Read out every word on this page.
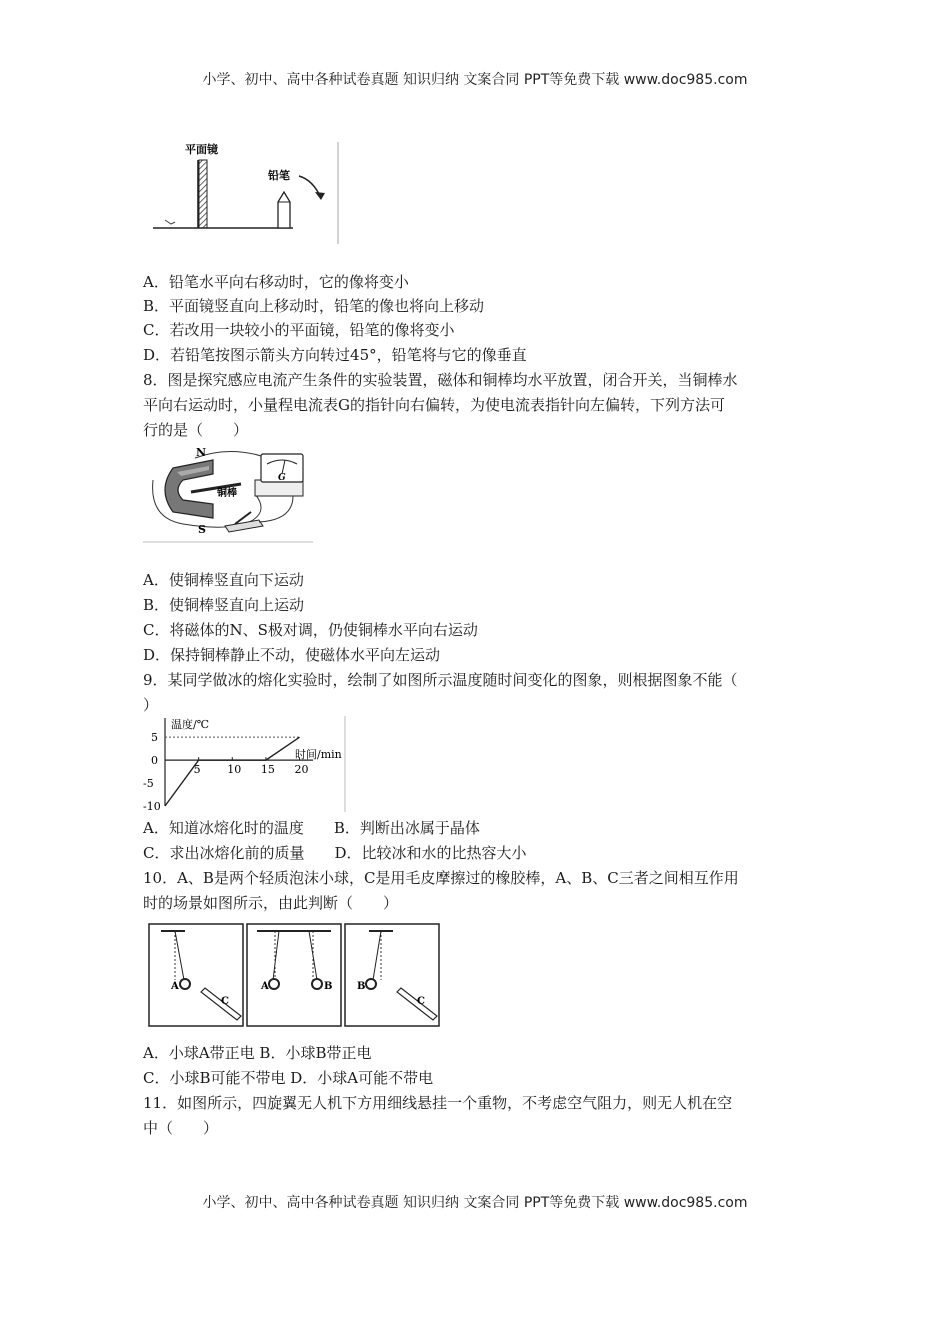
小学、初中、高中各种试卷真题 知识归纳 文案合同 PPT等免费下载 www.doc985.com
平面镜
铅笔
A．铅笔水平向右移动时，它的像将变小
B．平面镜竖直向上移动时，铅笔的像也将向上移动
C．若改用一块较小的平面镜，铅笔的像将变小
D．若铅笔按图示箭头方向转过45°，铅笔将与它的像垂直
8．图是探究感应电流产生条件的实验装置，磁体和铜棒均水平放置，闭合开关，当铜棒水
平向右运动时，小量程电流表G的指针向右偏转，为使电流表指针向左偏转，下列方法可
行的是（　　）
N
S
铜棒
G
A．使铜棒竖直向下运动
B．使铜棒竖直向上运动
C．将磁体的N、S极对调，仍使铜棒水平向右运动
D．保持铜棒静止不动，使磁体水平向左运动
9．某同学做冰的熔化实验时，绘制了如图所示温度随时间变化的图象，则根据图象不能（
）
温度/℃
时间/min
5 10 15 20
5
0
-5
-10
A．知道冰熔化时的温度　　B．判断出冰属于晶体
C．求出冰熔化前的质量　　D．比较冰和水的比热容大小
10．A、B是两个轻质泡沫小球，C是用毛皮摩擦过的橡胶棒，A、B、C三者之间相互作用
时的场景如图所示，由此判断（　　）
A
C
A	B B
C
A．小球A带正电 B．小球B带正电
C．小球B可能不带电 D．小球A可能不带电
11．如图所示，四旋翼无人机下方用细线悬挂一个重物，不考虑空气阻力，则无人机在空
中（　　）
小学、初中、高中各种试卷真题 知识归纳 文案合同 PPT等免费下载 www.doc985.com
